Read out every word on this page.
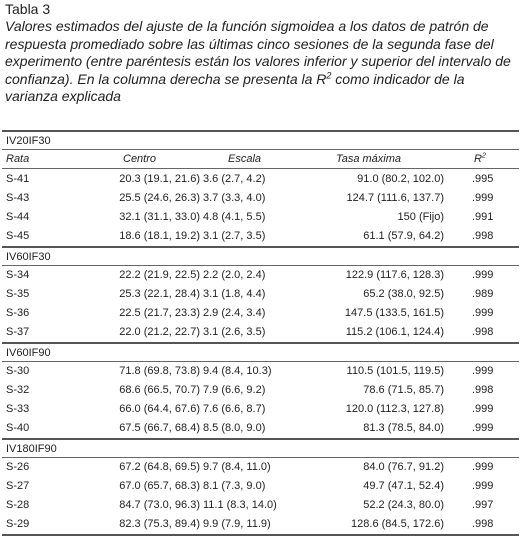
Tabla 3
Valores estimados del ajuste de la función sigmoidea a los datos de patrón de respuesta promediado sobre las últimas cinco sesiones de la segunda fase del experimento (entre paréntesis están los valores inferior y superior del intervalo de confianza). En la columna derecha se presenta la $R^2$ como indicador de la varianza explicada
IV20IF30
Rata	Centro	Escala	Tasa máxima	$R^2$
S-41	20.3 (19.1, 21.6) 3.6 (2.7, 4.2)	91.0 (80.2, 102.0)	.995
S-43	25.5 (24.6, 26.3) 3.7 (3.3, 4.0)	124.7 (111.6, 137.7)	.999
S-44	32.1 (31.1, 33.0) 4.8 (4.1, 5.5)	150 (Fijo)	.991
S-45	18.6 (18.1, 19.2) 3.1 (2.7, 3.5)	61.1 (57.9, 64.2)	.998
IV60IF30
S-34	22.2 (21.9, 22.5) 2.2 (2.0, 2.4)	122.9 (117.6, 128.3)	.999
S-35	25.3 (22.1, 28.4) 3.1 (1.8, 4.4)	65.2 (38.0, 92.5)	.989
S-36	22.5 (21.7, 23.3) 2.9 (2.4, 3.4)	147.5 (133.5, 161.5)	.999
S-37	22.0 (21.2, 22.7) 3.1 (2.6, 3.5)	115.2 (106.1, 124.4)	.998
IV60IF90
S-30	71.8 (69.8, 73.8) 9.4 (8.4, 10.3)	110.5 (101.5, 119.5)	.999
S-32	68.6 (66.5, 70.7) 7.9 (6.6, 9.2)	78.6 (71.5, 85.7)	.998
S-33	66.0 (64.4, 67.6) 7.6 (6.6, 8.7)	120.0 (112.3, 127.8)	.999
S-40	67.5 (66.7, 68.4) 8.5 (8.0, 9.0)	81.3 (78.5, 84.0)	.999
IV180IF90
S-26	67.2 (64.8, 69.5) 9.7 (8.4, 11.0)	84.0 (76.7, 91.2)	.999
S-27	67.0 (65.7, 68.3) 8.1 (7.3, 9.0)	49.7 (47.1, 52.4)	.999
S-28	84.7 (73.0, 96.3) 11.1 (8.3, 14.0)	52.2 (24.3, 80.0)	.997
S-29	82.3 (75.3, 89.4) 9.9 (7.9, 11.9)	128.6 (84.5, 172.6)	.998
